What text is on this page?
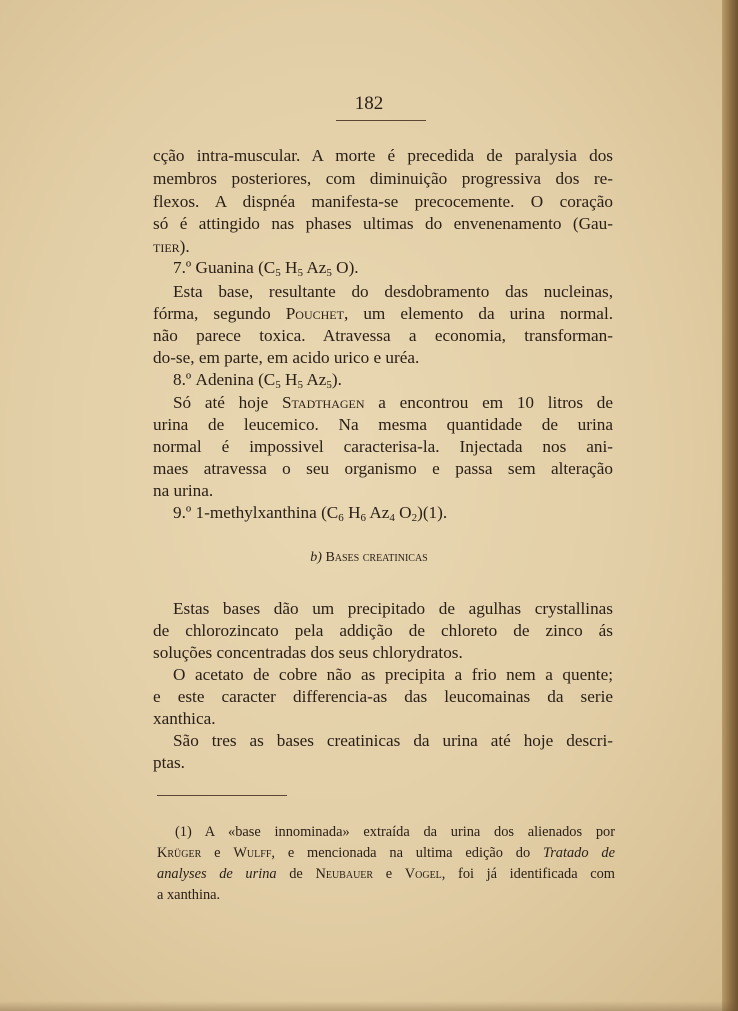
182
cção intra-muscular. A morte é precedida de paralysia dos
membros posteriores, com diminuição progressiva dos re-
flexos. A dispnéa manifesta-se precocemente. O coração
só é attingido nas phases ultimas do envenenamento (Gau-
tier).
7.º Guanina ($C_5$ $H_5$ $Az_5$ O).
Esta base, resultante do desdobramento das nucleinas,
fórma, segundo Pouchet, um elemento da urina normal.
não parece toxica. Atravessa a economia, transforman-
do-se, em parte, em acido urico e uréa.
8.º Adenina ($C_5$ $H_5$ $Az_5$).
Só até hoje Stadthagen a encontrou em 10 litros de
urina de leucemico. Na mesma quantidade de urina
normal é impossivel caracterisa-la. Injectada nos ani-
maes atravessa o seu organismo e passa sem alteração
na urina.
9.º 1-methylxanthina ($C_6$ $H_6$ $Az_4$ $O_2)(1)$.
b) Bases creatinicas
Estas bases dão um precipitado de agulhas crystallinas
de chlorozincato pela addição de chloreto de zinco ás
soluções concentradas dos seus chlorydratos.
O acetato de cobre não as precipita a frio nem a quente;
e este caracter differencia-as das leucomainas da serie
xanthica.
São tres as bases creatinicas da urina até hoje descri-
ptas.
(1) A «base innominada» extraída da urina dos alienados por
Krüger e Wulff, e mencionada na ultima edição do Tratado de
analyses de urina de Neubauer e Vogel, foi já identificada com
a xanthina.
